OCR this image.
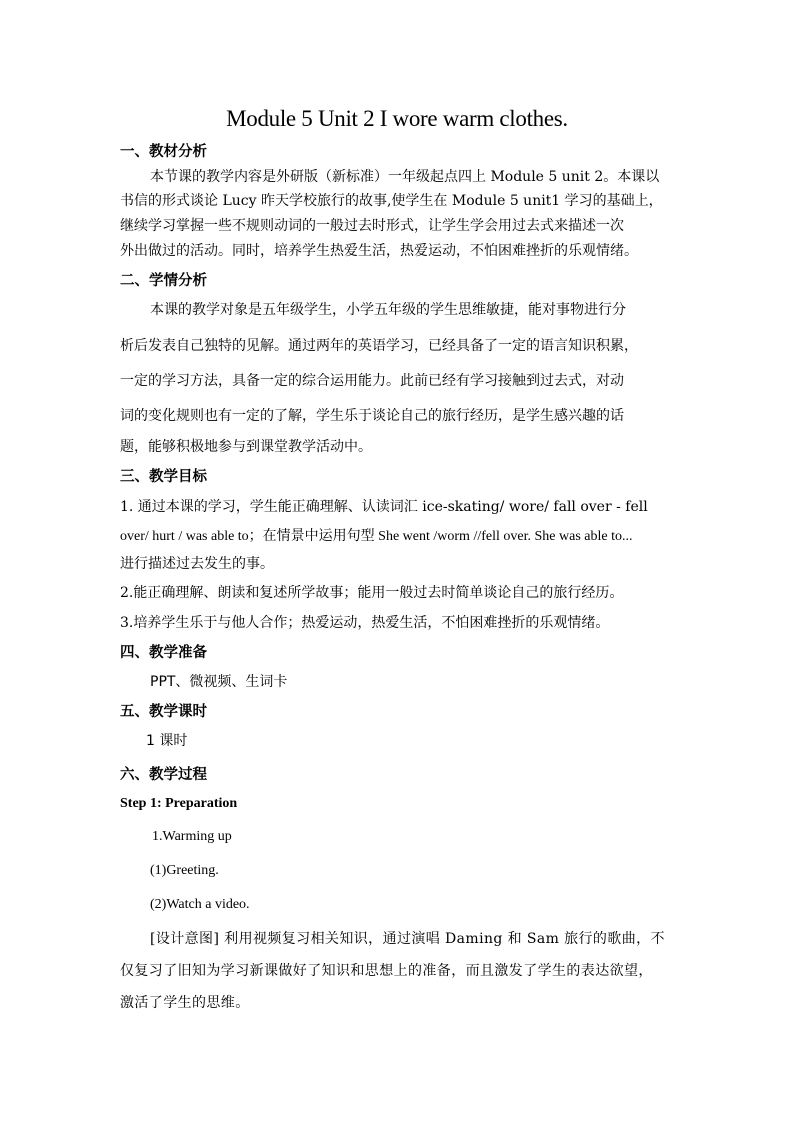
Module 5 Unit 2 I wore warm clothes.
一、教材分析
本节课的教学内容是外研版（新标准）一年级起点四上 Module 5 unit 2。本课以
书信的形式谈论 Lucy 昨天学校旅行的故事,使学生在 Module 5 unit1 学习的基础上，
继续学习掌握一些不规则动词的一般过去时形式，让学生学会用过去式来描述一次
外出做过的活动。同时，培养学生热爱生活，热爱运动，不怕困难挫折的乐观情绪。
二、学情分析
本课的教学对象是五年级学生，小学五年级的学生思维敏捷，能对事物进行分
析后发表自己独特的见解。通过两年的英语学习，已经具备了一定的语言知识积累，
一定的学习方法，具备一定的综合运用能力。此前已经有学习接触到过去式，对动
词的变化规则也有一定的了解，学生乐于谈论自己的旅行经历，是学生感兴趣的话
题，能够积极地参与到课堂教学活动中。
三、教学目标
1. 通过本课的学习，学生能正确理解、认读词汇 ice-skating/ wore/ fall over - fell
over/ hurt / was able to；在情景中运用句型 She went /worm //fell over. She was able to...
进行描述过去发生的事。
2.能正确理解、朗读和复述所学故事；能用一般过去时简单谈论自己的旅行经历。
3.培养学生乐于与他人合作；热爱运动，热爱生活，不怕困难挫折的乐观情绪。
四、教学准备
PPT、微视频、生词卡
五、教学课时
1 课时
六、教学过程
Step 1: Preparation
1.Warming up
(1)Greeting.
(2)Watch a video.
[设计意图] 利用视频复习相关知识，通过演唱 Daming 和 Sam 旅行的歌曲，不
仅复习了旧知为学习新课做好了知识和思想上的准备，而且激发了学生的表达欲望，
激活了学生的思维。
